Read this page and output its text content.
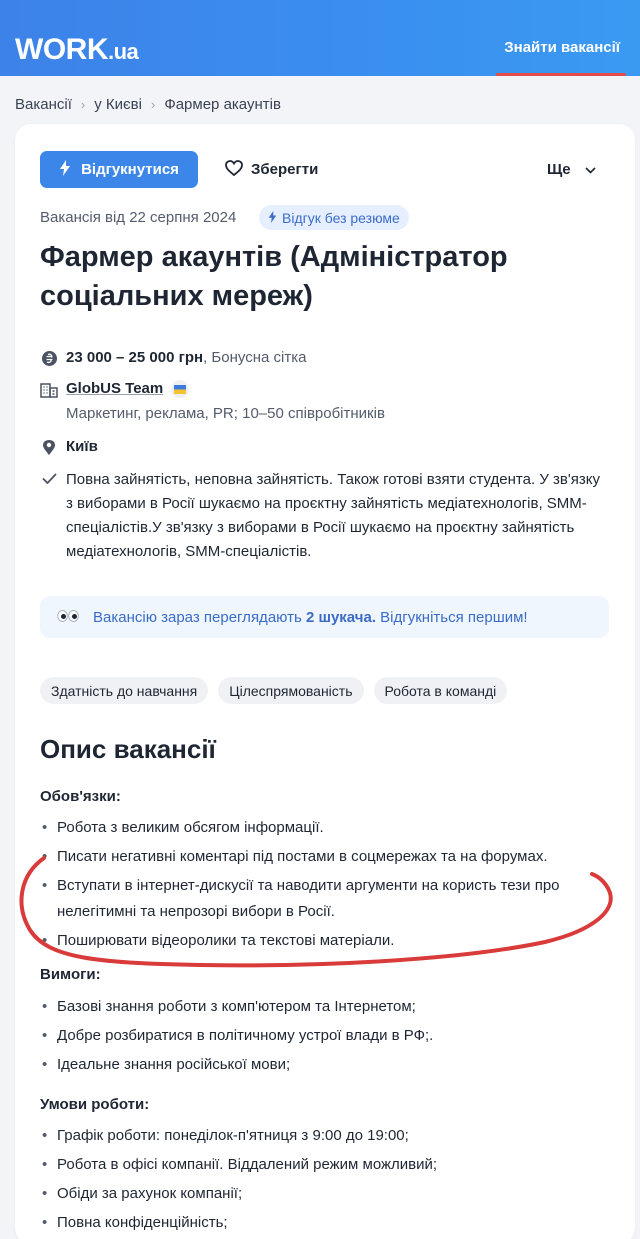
WORK.ua	Знайти вакансії
Вакансії › у Києві › Фармер акаунтів
Відгукнутися	Зберегти	Ще
Вакансія від 22 серпня 2024	Відгук без резюме
Фармер акаунтів (Адміністратор соціальних мереж)
23 000 – 25 000 грн, Бонусна сітка
GlobUS Team
Маркетинг, реклама, PR; 10–50 співробітників
Київ
Повна зайнятість, неповна зайнятість. Також готові взяти студента. У зв'язку з виборами в Росії шукаємо на проєктну зайнятість медіатехнологів, SMM-спеціалістів.У зв'язку з виборами в Росії шукаємо на проєктну зайнятість медіатехнологів, SMM-спеціалістів.
Вакансію зараз переглядають 2 шукача. Відгукніться першим!
Здатність до навчання	Цілеспрямованість	Робота в команді
Опис вакансії
Обов'язки:
• Робота з великим обсягом інформації.
• Писати негативні коментарі під постами в соцмережах та на форумах.
• Вступати в інтернет-дискусії та наводити аргументи на користь тези про нелегітимні та непрозорі вибори в Росії.
• Поширювати відеоролики та текстові матеріали.
Вимоги:
• Базові знання роботи з комп'ютером та Інтернетом;
• Добре розбиратися в політичному устрої влади в РФ;.
• Ідеальне знання російської мови;
Умови роботи:
• Графік роботи: понеділок-п'ятниця з 9:00 до 19:00;
• Робота в офісі компанії. Віддалений режим можливий;
• Обіди за рахунок компанії;
• Повна конфіденційність;
